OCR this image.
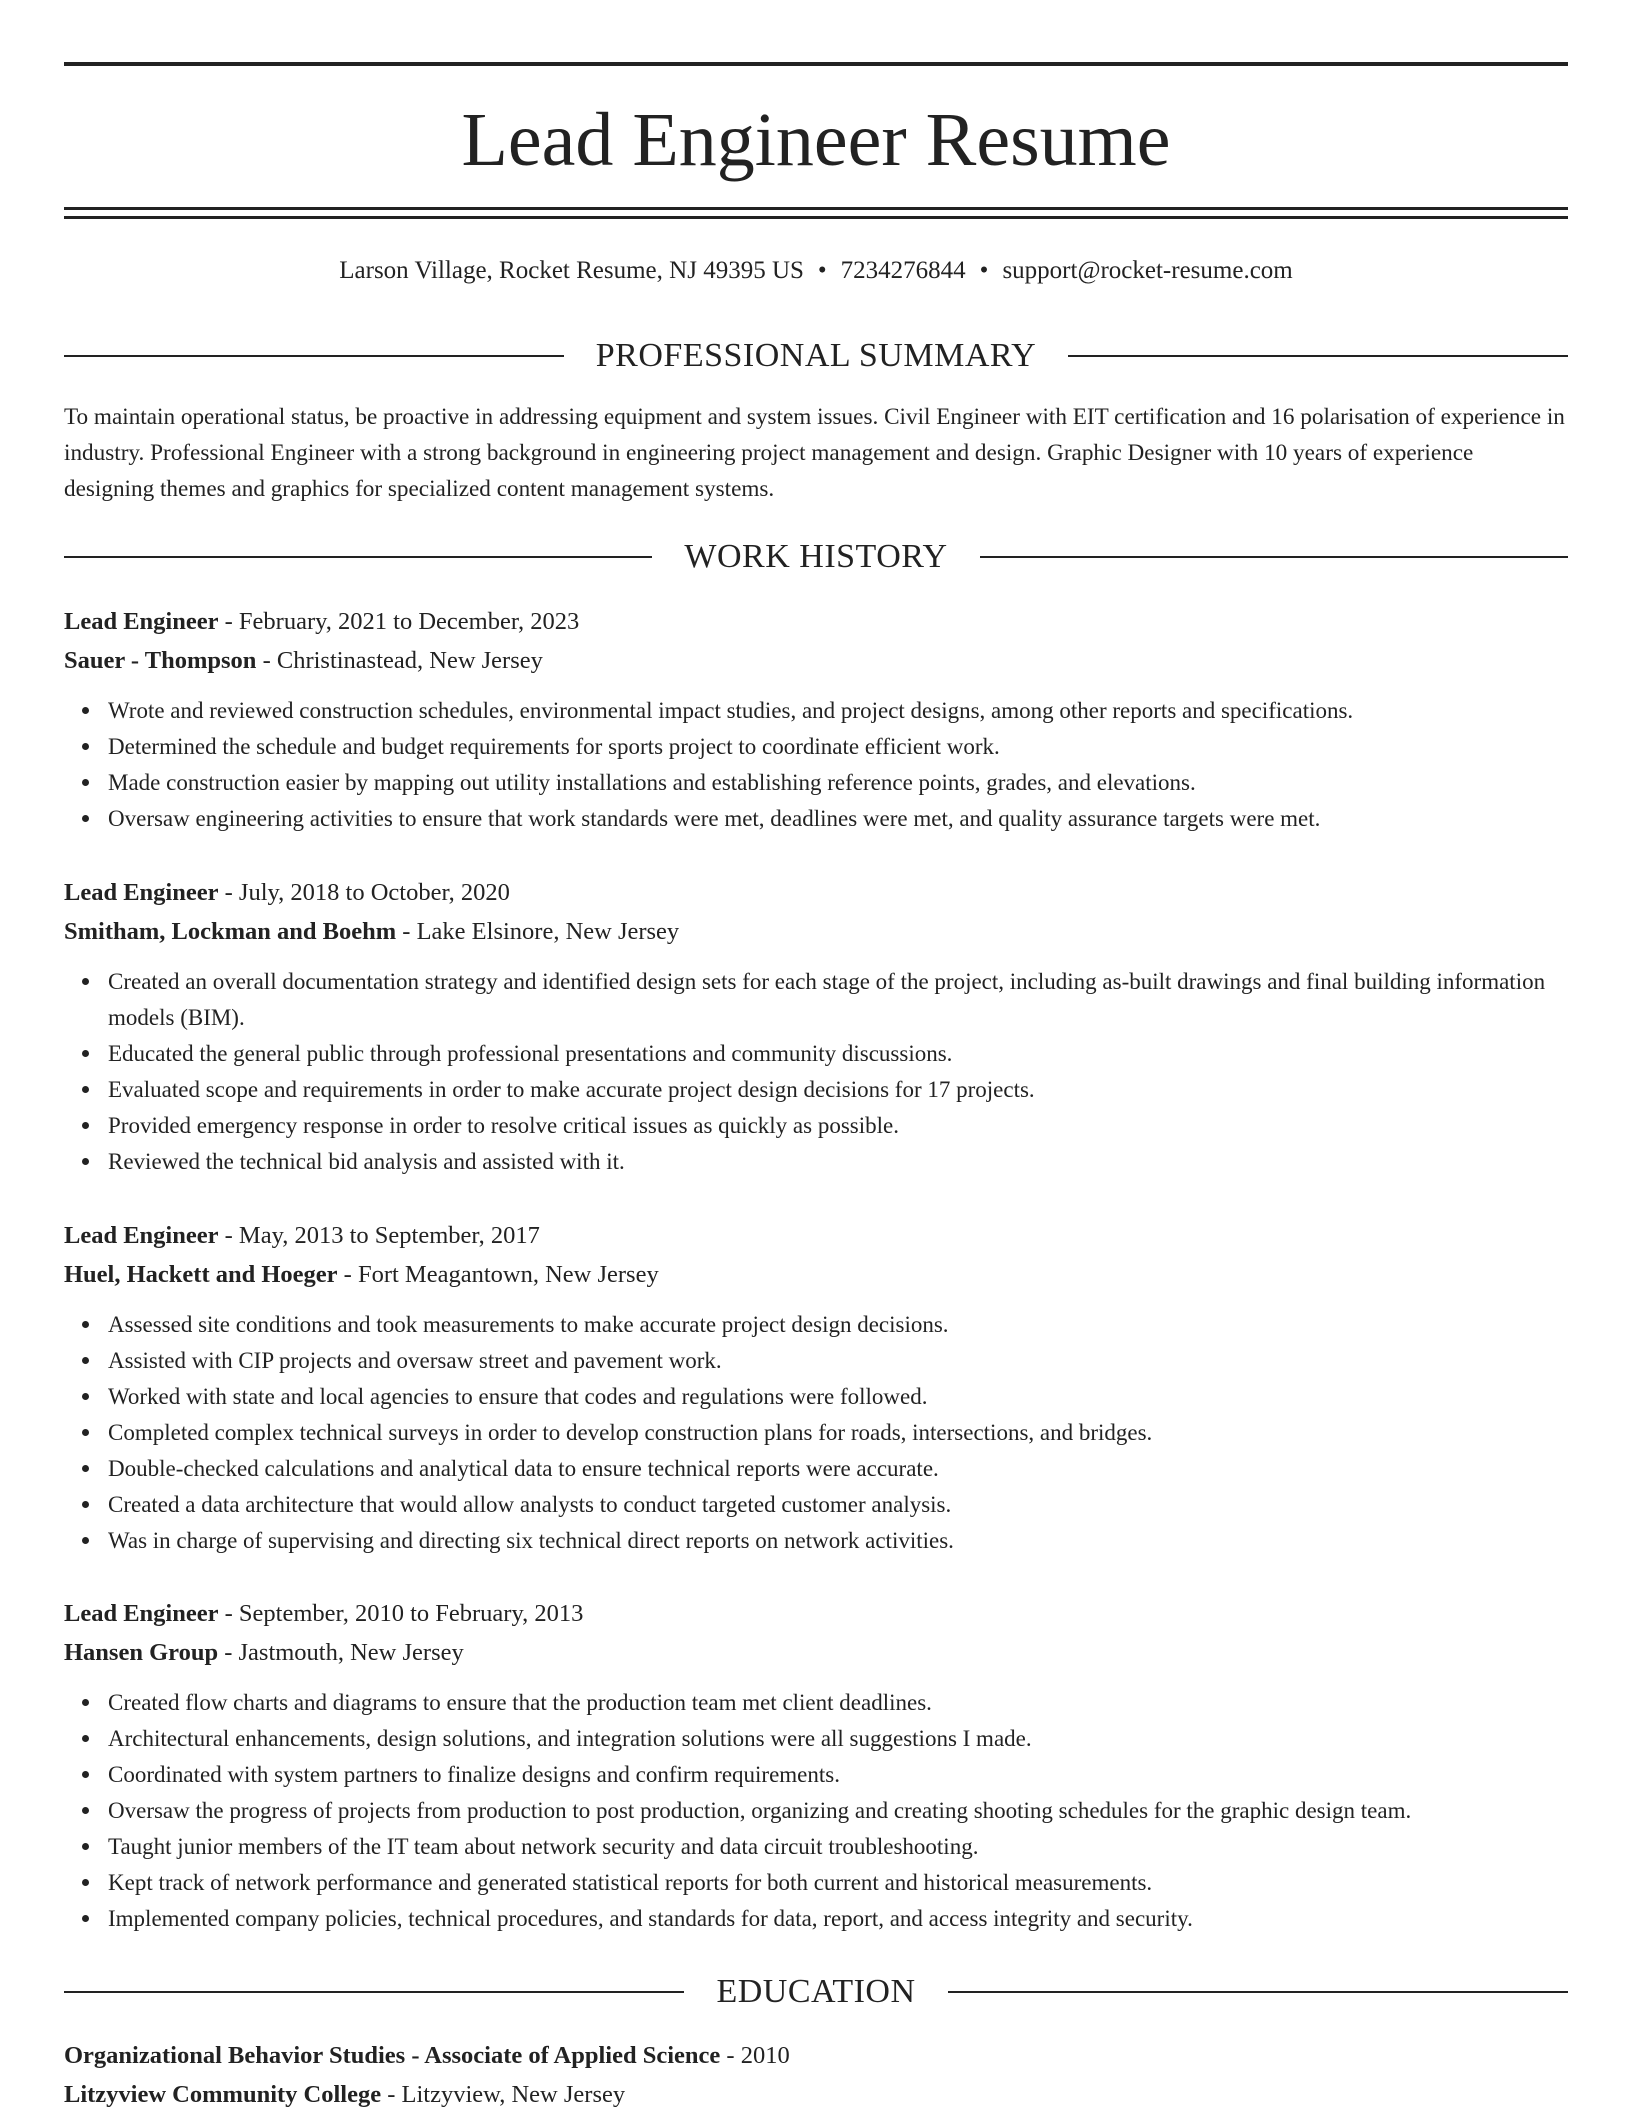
Lead Engineer Resume
Larson Village, Rocket Resume, NJ 49395 US • 7234276844 • support@rocket-resume.com
PROFESSIONAL SUMMARY

To maintain operational status, be proactive in addressing equipment and system issues. Civil Engineer with EIT certification and 16 polarisation of experience in industry. Professional Engineer with a strong background in engineering project management and design. Graphic Designer with 10 years of experience designing themes and graphics for specialized content management systems.

WORK HISTORY

Lead Engineer - February, 2021 to December, 2023

Sauer - Thompson - Christinastead, New Jersey

Wrote and reviewed construction schedules, environmental impact studies, and project designs, among other reports and specifications.
Determined the schedule and budget requirements for sports project to coordinate efficient work.
Made construction easier by mapping out utility installations and establishing reference points, grades, and elevations.
Oversaw engineering activities to ensure that work standards were met, deadlines were met, and quality assurance targets were met.

Lead Engineer - July, 2018 to October, 2020

Smitham, Lockman and Boehm - Lake Elsinore, New Jersey

Created an overall documentation strategy and identified design sets for each stage of the project, including as-built drawings and final building information models (BIM).
Educated the general public through professional presentations and community discussions.
Evaluated scope and requirements in order to make accurate project design decisions for 17 projects.
Provided emergency response in order to resolve critical issues as quickly as possible.
Reviewed the technical bid analysis and assisted with it.

Lead Engineer - May, 2013 to September, 2017

Huel, Hackett and Hoeger - Fort Meagantown, New Jersey

Assessed site conditions and took measurements to make accurate project design decisions.
Assisted with CIP projects and oversaw street and pavement work.
Worked with state and local agencies to ensure that codes and regulations were followed.
Completed complex technical surveys in order to develop construction plans for roads, intersections, and bridges.
Double-checked calculations and analytical data to ensure technical reports were accurate.
Created a data architecture that would allow analysts to conduct targeted customer analysis.
Was in charge of supervising and directing six technical direct reports on network activities.

Lead Engineer - September, 2010 to February, 2013

Hansen Group - Jastmouth, New Jersey

Created flow charts and diagrams to ensure that the production team met client deadlines.
Architectural enhancements, design solutions, and integration solutions were all suggestions I made.
Coordinated with system partners to finalize designs and confirm requirements.
Oversaw the progress of projects from production to post production, organizing and creating shooting schedules for the graphic design team.
Taught junior members of the IT team about network security and data circuit troubleshooting.
Kept track of network performance and generated statistical reports for both current and historical measurements.
Implemented company policies, technical procedures, and standards for data, report, and access integrity and security.
EDUCATION

Organizational Behavior Studies - Associate of Applied Science - 2010

Litzyview Community College - Litzyview, New Jersey
